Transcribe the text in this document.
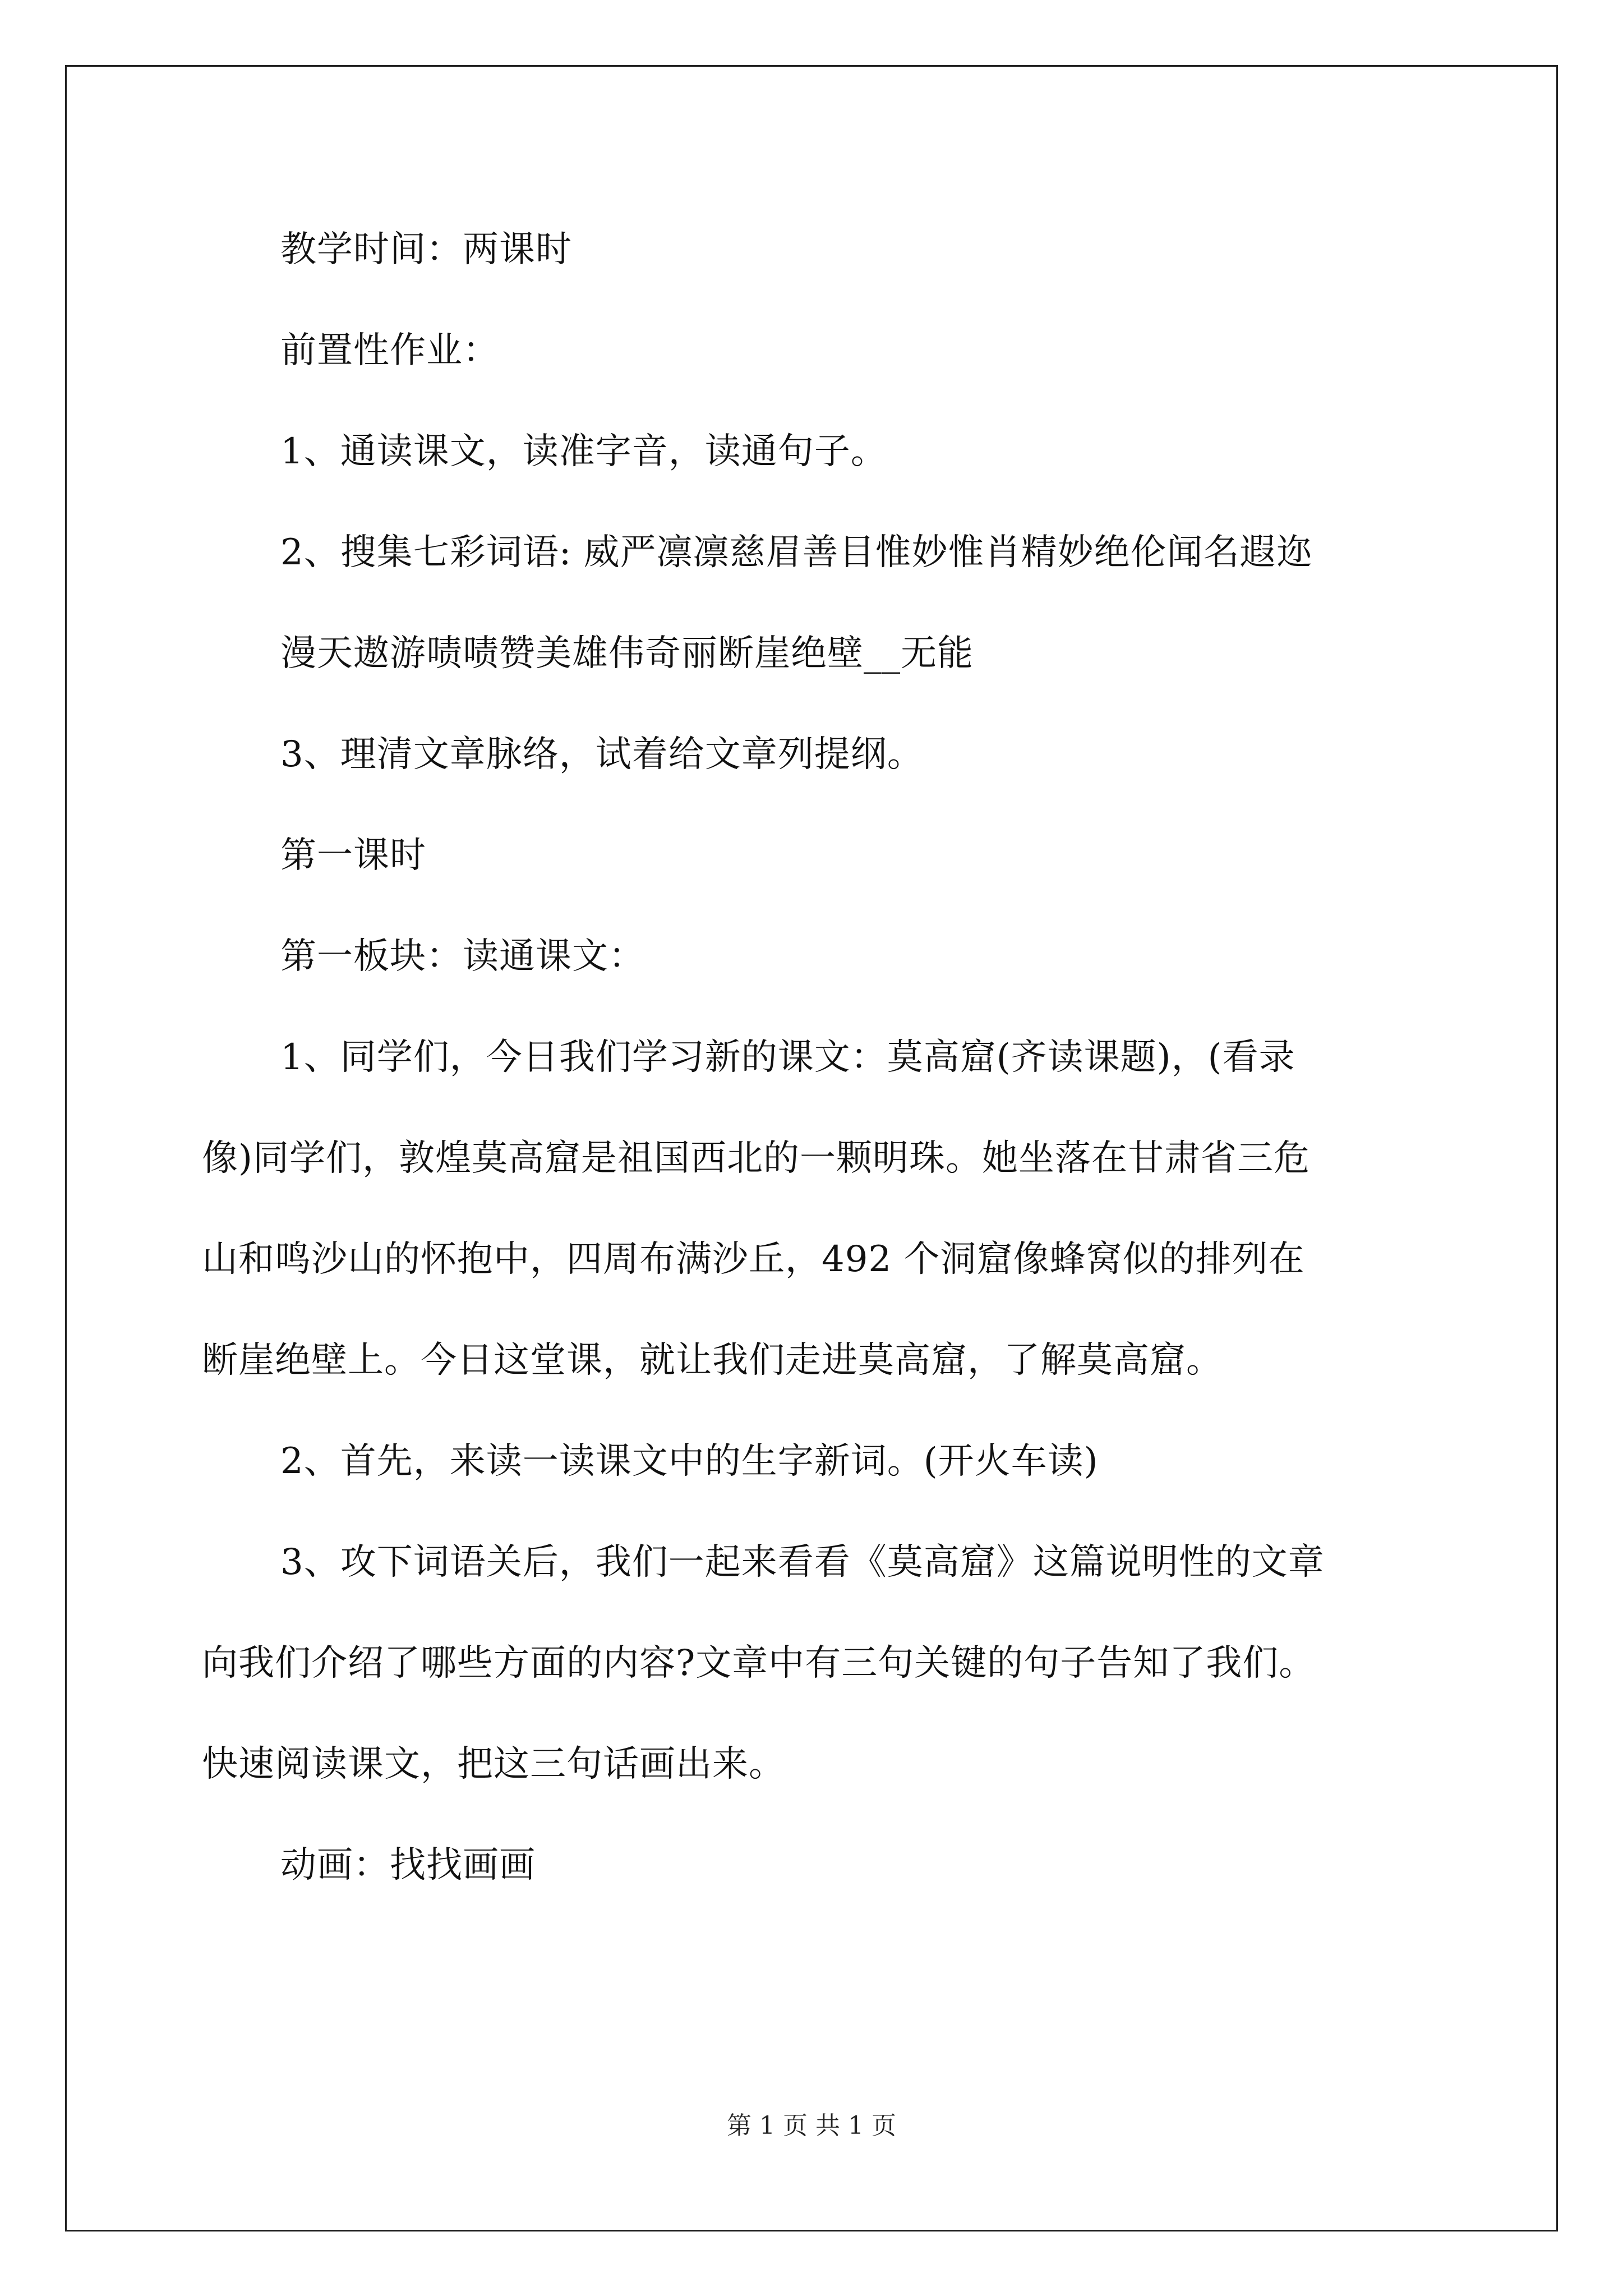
教学时间：两课时
前置性作业：
1、通读课文，读准字音，读通句子。
2、搜集七彩词语: 威严凛凛慈眉善目惟妙惟肖精妙绝伦闻名遐迩
漫天遨游啧啧赞美雄伟奇丽断崖绝壁__无能
3、理清文章脉络，试着给文章列提纲。
第一课时
第一板块：读通课文：
1、同学们，今日我们学习新的课文：莫高窟(齐读课题)，(看录
像)同学们，敦煌莫高窟是祖国西北的一颗明珠。她坐落在甘肃省三危
山和鸣沙山的怀抱中，四周布满沙丘，492 个洞窟像蜂窝似的排列在
断崖绝壁上。今日这堂课，就让我们走进莫高窟，了解莫高窟。
2、首先，来读一读课文中的生字新词。(开火车读)
3、攻下词语关后，我们一起来看看《莫高窟》这篇说明性的文章
向我们介绍了哪些方面的内容?文章中有三句关键的句子告知了我们。
快速阅读课文，把这三句话画出来。
动画：找找画画
第 1 页 共 1 页
